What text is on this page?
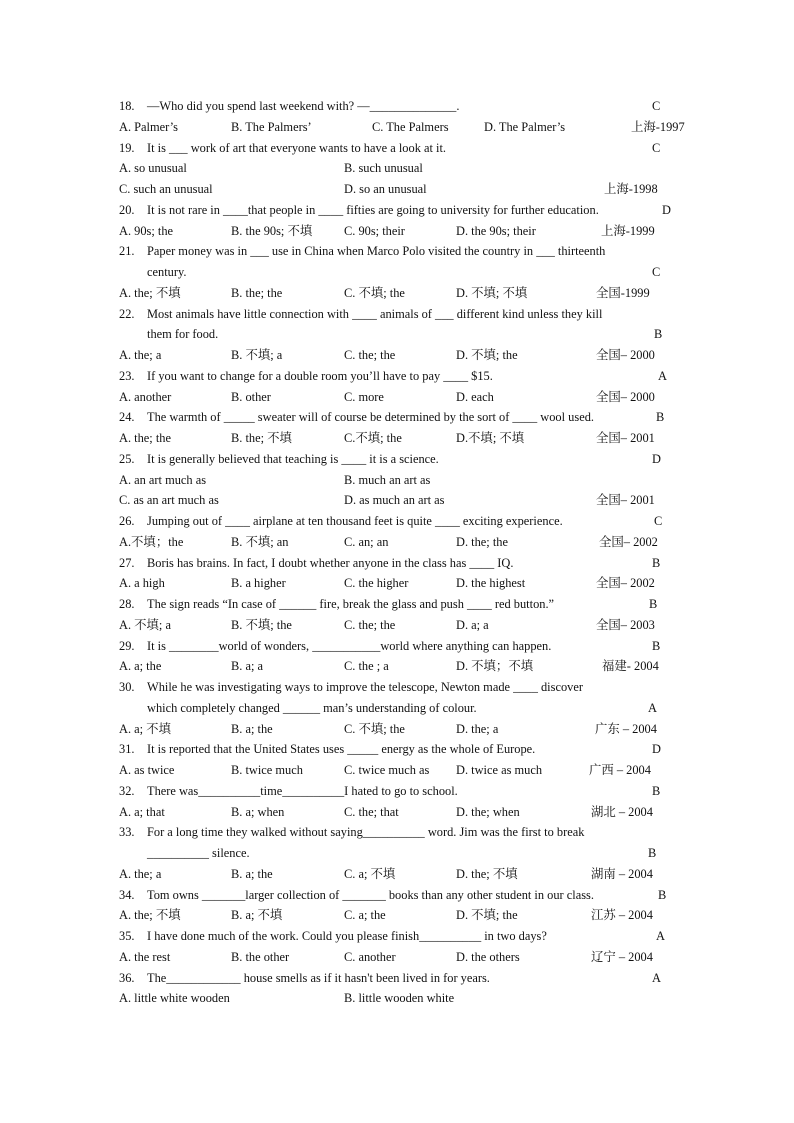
18. —Who did you spend last weekend with? —______________.	C
A. Palmer’s	B. The Palmers’	C. The Palmers	D. The Palmer’s	上海-1997
19. It is ___ work of art that everyone wants to have a look at it.	C
A. so unusual	B. such unusual
C. such an unusual	D. so an unusual	上海-1998
20. It is not rare in ____that people in ____ fifties are going to university for further education.	D
A. 90s; the	B. the 90s; 不填	C. 90s; their	D. the 90s; their	上海-1999
21. Paper money was in ___ use in China when Marco Polo visited the country in ___ thirteenth
century.	C
A. the; 不填	B. the; the	C. 不填; the	D. 不填; 不填	全国-1999
22. Most animals have little connection with ____ animals of ___ different kind unless they kill
them for food.	B
A. the; a	B. 不填; a	C. the; the	D. 不填; the	全国– 2000
23. If you want to change for a double room you’ll have to pay ____ $15.	A
A. another	B. other	C. more	D. each	全国– 2000
24. The warmth of _____ sweater will of course be determined by the sort of ____ wool used.	B
A. the; the	B. the; 不填	C.不填; the	D.不填; 不填	全国– 2001
25. It is generally believed that teaching is ____ it is a science.	D
A. an art much as	B. much an art as
C. as an art much as	D. as much an art as	全国– 2001
26. Jumping out of ____ airplane at ten thousand feet is quite ____ exciting experience.	C
A.不填；the	B. 不填; an	C. an; an	D. the; the	全国– 2002
27. Boris has brains. In fact, I doubt whether anyone in the class has ____ IQ.	B
A. a high	B. a higher	C. the higher	D. the highest	全国– 2002
28. The sign reads “In case of ______ fire, break the glass and push ____ red button.”	B
A. 不填; a	B. 不填; the	C. the; the	D. a; a	全国– 2003
29. It is ________world of wonders, ___________world where anything can happen.	B
A. a; the	B. a; a	C. the ; a	D. 不填；不填	福建- 2004
30. While he was investigating ways to improve the telescope, Newton made ____ discover
which completely changed ______ man’s understanding of colour.	A
A. a; 不填	B. a; the	C. 不填; the	D. the; a	广东 – 2004
31. It is reported that the United States uses _____ energy as the whole of Europe.	D
A. as twice	B. twice much	C. twice much as D. twice as much	广西 – 2004
32. There was__________time__________I hated to go to school.	B
A. a; that	B. a; when	C. the; that	D. the; when	湖北 – 2004
33. For a long time they walked without saying__________ word. Jim was the first to break
__________ silence.	B
A. the; a	B. a; the	C. a; 不填	D. the; 不填	湖南 – 2004
34. Tom owns _______larger collection of _______ books than any other student in our class.	B
A. the; 不填	B. a; 不填	C. a; the	D. 不填; the	江苏 – 2004
35. I have done much of the work. Could you please finish__________ in two days?	A
A. the rest	B. the other	C. another	D. the others	辽宁 – 2004
36. The____________ house smells as if it hasn't been lived in for years.	A
A. little white wooden	B. little wooden white
